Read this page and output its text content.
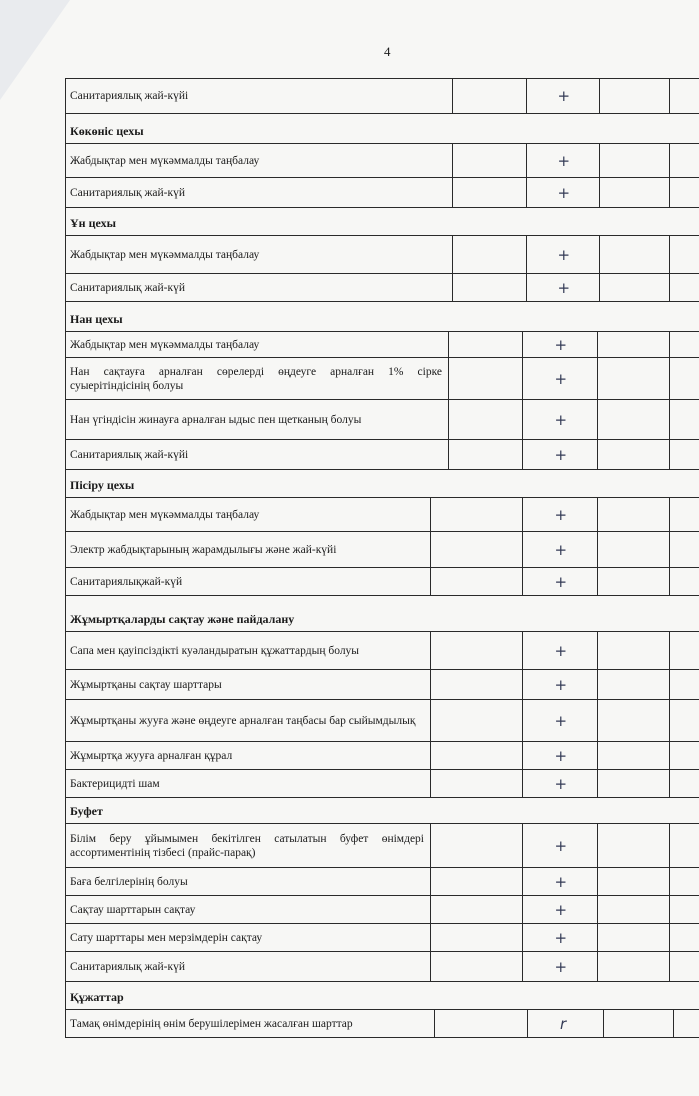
4
Санитариялық жай-күйі	+
Көкөніс цехы
Жабдықтар мен мүкәммалды таңбалау	+
Санитариялық жай-күй	+
Ұн цехы
Жабдықтар мен мүкәммалды таңбалау	+
Санитариялық жай-күй	+
Нан цехы
Жабдықтар мен мүкәммалды таңбалау	+
Нан сақтауға арналған сөрелерді өңдеуге арналған 1% сірке суыерітіндісінің болуы	+
Нан үгіндісін жинауға арналған ыдыс пен щетканың болуы	+
Санитариялық жай-күйі	+
Пісіру цехы
Жабдықтар мен мүкәммалды таңбалау	+
Электр жабдықтарының жарамдылығы және жай-күйі	+
Санитариялықжай-күй	+
Жұмыртқаларды сақтау және пайдалану
Сапа мен қауіпсіздікті куәландыратын құжаттардың болуы	+
Жұмыртқаны сақтау шарттары	+
Жұмыртқаны жууға және өңдеуге арналған таңбасы бар сыйымдылық	+
Жұмыртқа жууға арналған құрал	+
Бактерицидті шам	+
Буфет
Білім беру ұйымымен бекітілген сатылатын буфет өнімдері ассортиментінің тізбесі (прайс-парақ)	+
Баға белгілерінің болуы	+
Сақтау шарттарын сақтау	+
Сату шарттары мен мерзімдерін сақтау	+
Санитариялық жай-күй	+
Құжаттар
Тамақ өнімдерінің өнім берушілерімен жасалған шарттар	r
